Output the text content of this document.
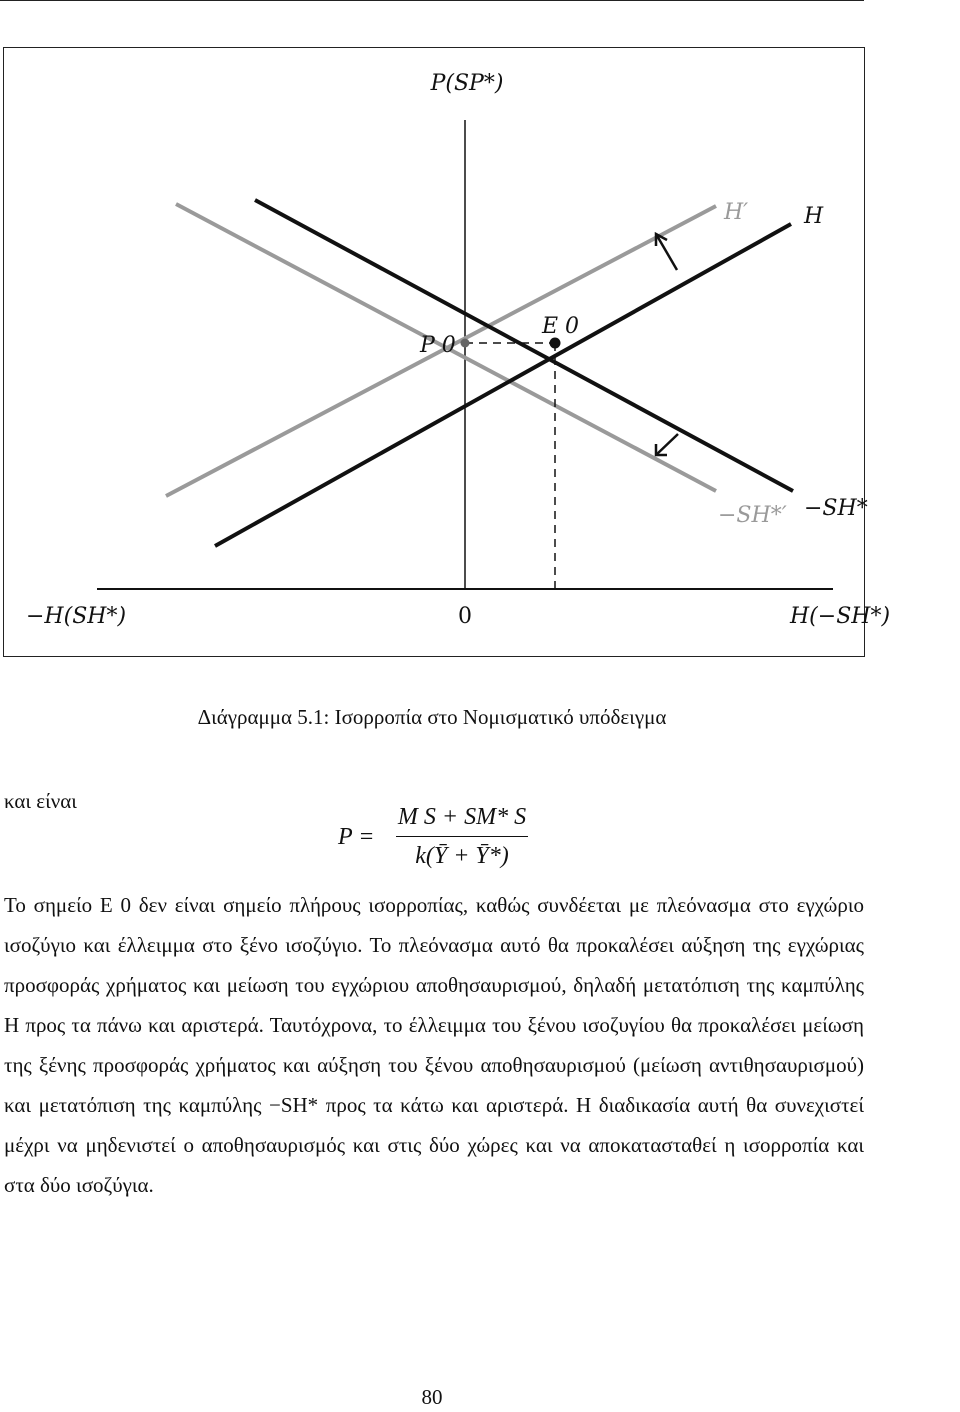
P(SP*)
H′	H
P 0
E 0
−SH*′ −SH*
−H(SH*)	0	H(−SH*)
Διάγραμμα 5.1: Ισορροπία στο Νομισματικό υπόδειγμα
και είναι
P =
M S + SM* S
k(Ȳ + Ȳ*)
Το σημείο E 0 δεν είναι σημείο πλήρους ισορροπίας, καθώς συνδέεται με πλεόνασμα στο εγχώριο ισοζύγιο και έλλειμμα στο ξένο ισοζύγιο. Το πλεόνασμα αυτό θα προκαλέσει αύξηση της εγχώριας προσφοράς χρήματος και μείωση του εγχώριου αποθησαυρισμού, δηλαδή μετατόπιση της καμπύλης H προς τα πάνω και αριστερά. Ταυτόχρονα, το έλλειμμα του ξένου ισοζυγίου θα προκαλέσει μείωση της ξένης προσφοράς χρήματος και αύξηση του ξένου αποθησαυρισμού (μείωση αντιθησαυρισμού) και μετατόπιση της καμπύλης −SH* προς τα κάτω και αριστερά. Η διαδικασία αυτή θα συνεχιστεί μέχρι να μηδενιστεί ο αποθησαυρισμός και στις δύο χώρες και να αποκατασταθεί η ισορροπία και στα δύο ισοζύγια.
80
